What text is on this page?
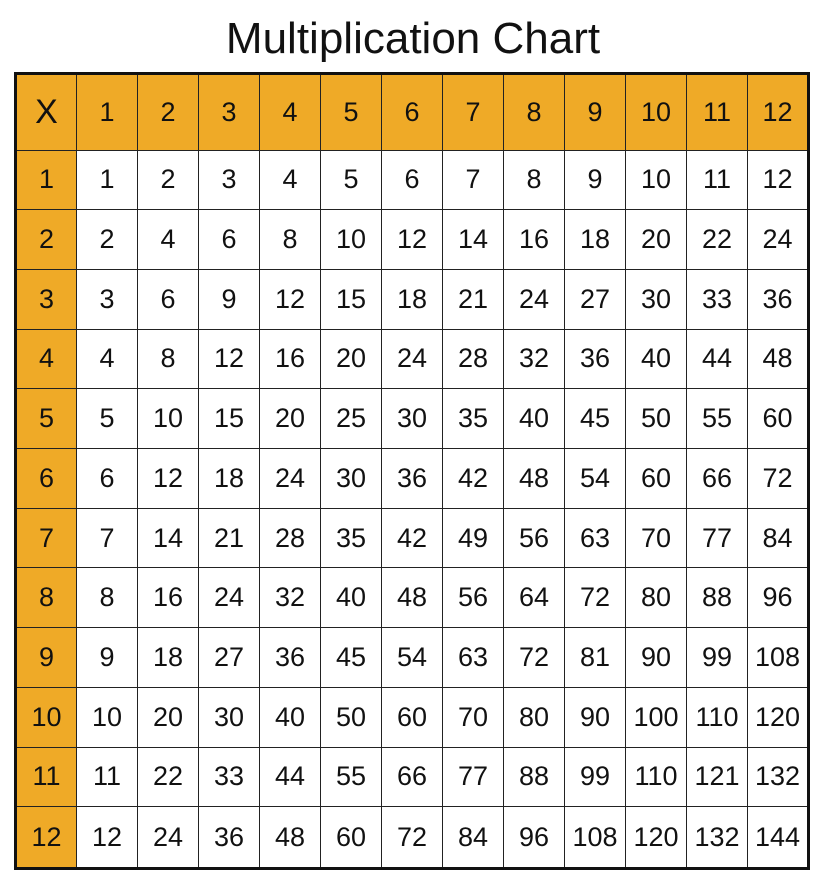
Multiplication Chart
X	1	2	3	4	5	6	7	8	9	10	11	12
1	1	2	3	4	5	6	7	8	9	10	11	12
2	2	4	6	8	10	12	14	16	18	20	22	24
3	3	6	9	12	15	18	21	24	27	30	33	36
4	4	8	12	16	20	24	28	32	36	40	44	48
5	5	10	15	20	25	30	35	40	45	50	55	60
6	6	12	18	24	30	36	42	48	54	60	66	72
7	7	14	21	28	35	42	49	56	63	70	77	84
8	8	16	24	32	40	48	56	64	72	80	88	96
9	9	18	27	36	45	54	63	72	81	90	99	108
10	10	20	30	40	50	60	70	80	90	100	110	120
11	11	22	33	44	55	66	77	88	99	110	121	132
12	12	24	36	48	60	72	84	96	108	120	132	144
